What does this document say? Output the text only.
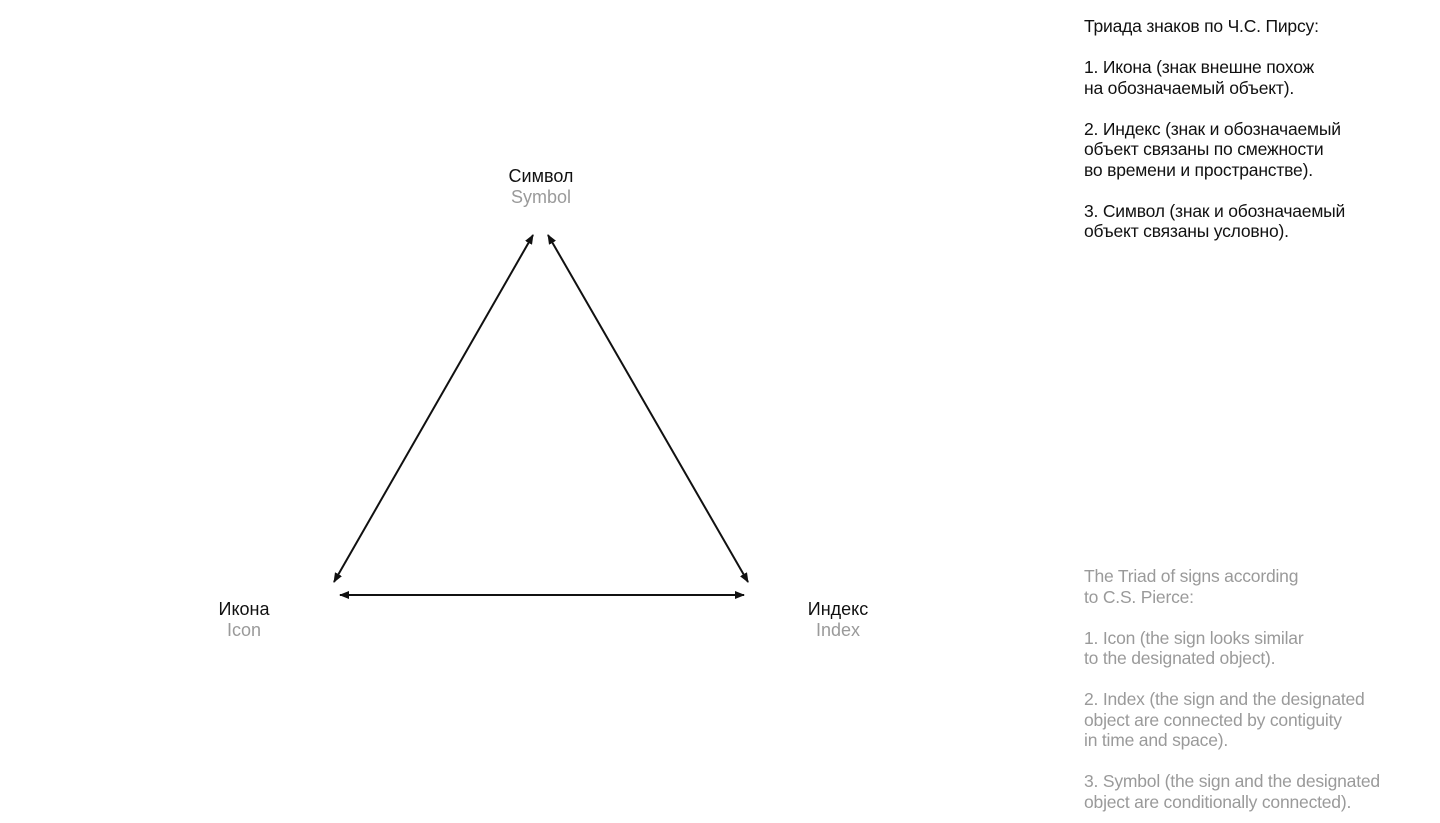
Символ
Symbol
Икона
Icon
Индекс
Index

Триада знаков по Ч.С. Пирсу:

1. Икона (знак внешне похож
на обозначаемый объект).

2. Индекс (знак и обозначаемый
объект связаны по смежности
во времени и пространстве).

3. Символ (знак и обозначаемый
объект связаны условно).

The Triad of signs according
to C.S. Pierce:

1. Icon (the sign looks similar
to the designated object).

2. Index (the sign and the designated
object are connected by contiguity
in time and space).

3. Symbol (the sign and the designated
object are conditionally connected).
